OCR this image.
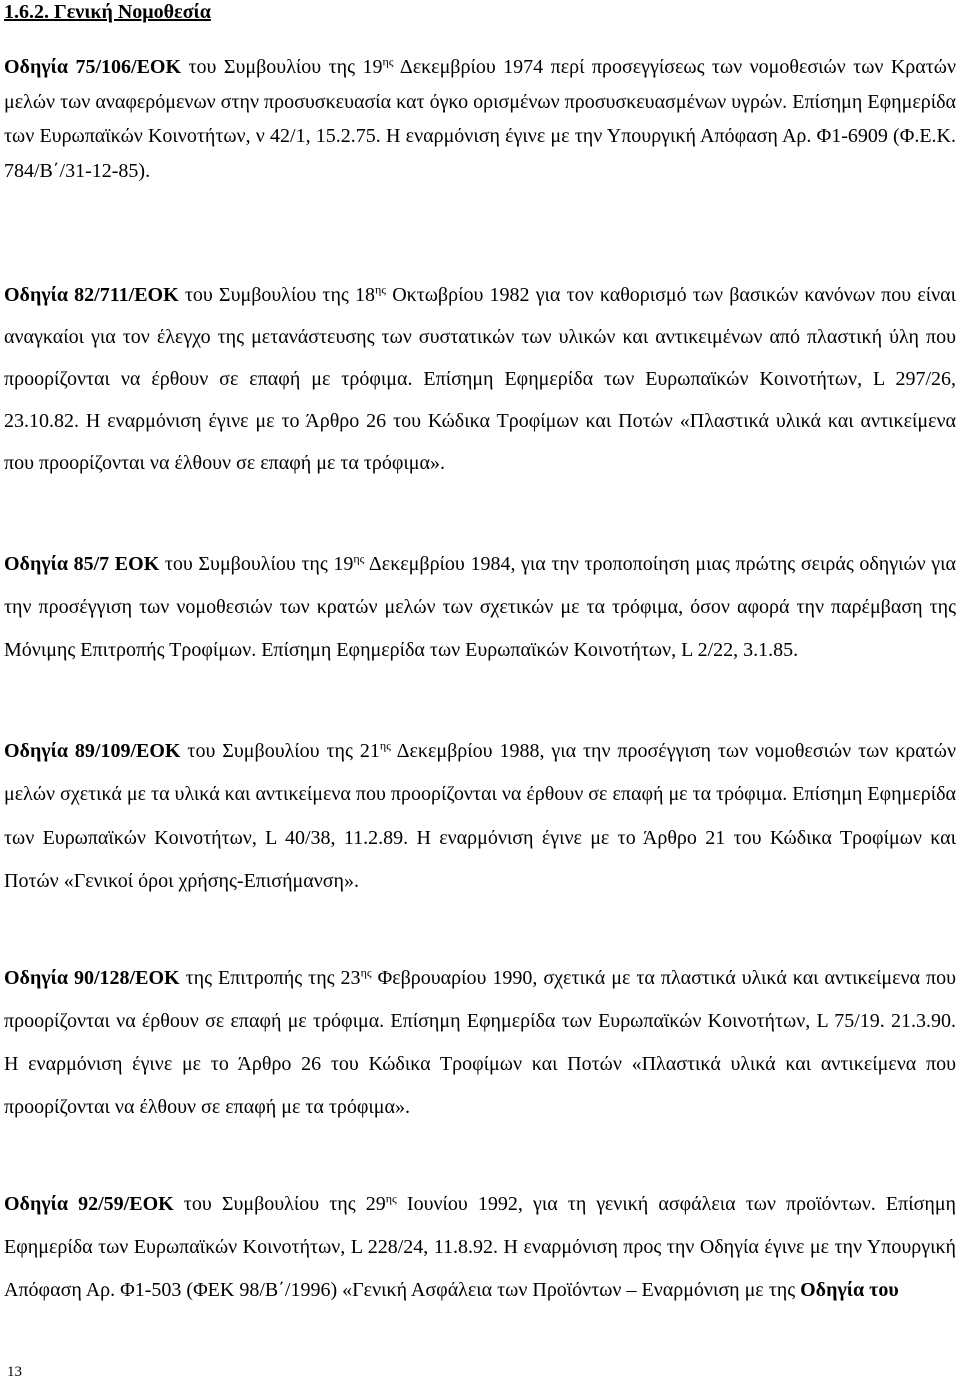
1.6.2. Γενική Νομοθεσία

Οδηγία 75/106/ΕΟΚ του Συμβουλίου της $19^{\eta\varsigma}$ Δεκεμβρίου 1974 περί προσεγγίσεως των νομοθεσιών των Κρατών μελών των αναφερόμενων στην προσυσκευασία κατ όγκο ορισμένων προσυσκευασμένων υγρών. Επίσημη Εφημερίδα των Ευρωπαϊκών Κοινοτήτων, ν 42/1, 15.2.75. Η εναρμόνιση έγινε με την Υπουργική Απόφαση Αρ. Φ1-6909 (Φ.Ε.Κ. 784/Β΄/31-12-85).

Οδηγία 82/711/ΕΟΚ του Συμβουλίου της $18^{\eta\varsigma}$ Οκτωβρίου 1982 για τον καθορισμό των βασικών κανόνων που είναι αναγκαίοι για τον έλεγχο της μετανάστευσης των συστατικών των υλικών και αντικειμένων από πλαστική ύλη που προορίζονται να έρθουν σε επαφή με τρόφιμα. Επίσημη Εφημερίδα των Ευρωπαϊκών Κοινοτήτων, L 297/26, 23.10.82. Η εναρμόνιση έγινε με το Άρθρο 26 του Κώδικα Τροφίμων και Ποτών «Πλαστικά υλικά και αντικείμενα που προορίζονται να έλθουν σε επαφή με τα τρόφιμα».

Οδηγία 85/7 ΕΟΚ του Συμβουλίου της $19^{\eta\varsigma}$ Δεκεμβρίου 1984, για την τροποποίηση μιας πρώτης σειράς οδηγιών για την προσέγγιση των νομοθεσιών των κρατών μελών των σχετικών με τα τρόφιμα, όσον αφορά την παρέμβαση της Μόνιμης Επιτροπής Τροφίμων. Επίσημη Εφημερίδα των Ευρωπαϊκών Κοινοτήτων, L 2/22, 3.1.85.

Οδηγία 89/109/ΕΟΚ του Συμβουλίου της $21^{\eta\varsigma}$ Δεκεμβρίου 1988, για την προσέγγιση των νομοθεσιών των κρατών μελών σχετικά με τα υλικά και αντικείμενα που προορίζονται να έρθουν σε επαφή με τα τρόφιμα. Επίσημη Εφημερίδα των Ευρωπαϊκών Κοινοτήτων, L 40/38, 11.2.89. Η εναρμόνιση έγινε με το Άρθρο 21 του Κώδικα Τροφίμων και Ποτών «Γενικοί όροι χρήσης-Επισήμανση».

Οδηγία 90/128/ΕΟΚ της Επιτροπής της $23^{\eta\varsigma}$ Φεβρουαρίου 1990, σχετικά με τα πλαστικά υλικά και αντικείμενα που προορίζονται να έρθουν σε επαφή με τρόφιμα. Επίσημη Εφημερίδα των Ευρωπαϊκών Κοινοτήτων, L 75/19. 21.3.90. Η εναρμόνιση έγινε με το Άρθρο 26 του Κώδικα Τροφίμων και Ποτών «Πλαστικά υλικά και αντικείμενα που προορίζονται να έλθουν σε επαφή με τα τρόφιμα».

Οδηγία 92/59/ΕΟΚ του Συμβουλίου της $29^{\eta\varsigma}$ Ιουνίου 1992, για τη γενική ασφάλεια των προϊόντων. Επίσημη Εφημερίδα των Ευρωπαϊκών Κοινοτήτων, L 228/24, 11.8.92. Η εναρμόνιση προς την Οδηγία έγινε με την Υπουργική Απόφαση Αρ. Φ1-503 (ΦΕΚ 98/Β΄/1996) «Γενική Ασφάλεια των Προϊόντων – Εναρμόνιση με της Οδηγία του

13
